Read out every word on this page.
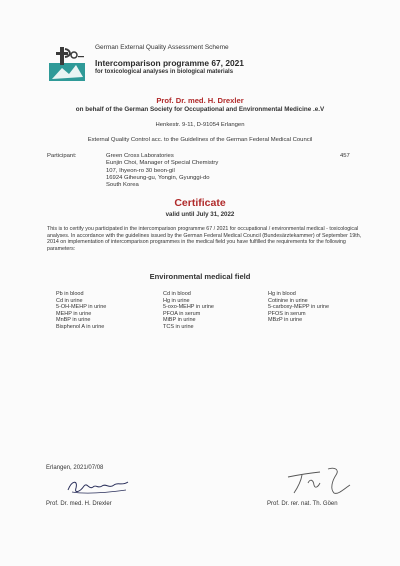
German External Quality Assessment Scheme
Intercomparison programme 67, 2021
for toxicological analyses in biological materials
Prof. Dr. med. H. Drexler
on behalf of the German Society for Occupational and Environmental Medicine .e.V
Henkestr. 9-11, D-91054 Erlangen
External Quality Control acc. to the Guidelines of the German Federal Medical Council
Participant:	Green Cross Laboratories
Eunjin Choi, Manager of Special Chemistry
107, Ihyeon-ro 30 beon-gil
16924 Giheung-gu, Yongin, Gyunggi-do
South Korea
457
Certificate
valid until July 31, 2022
This is to certify you participated in the intercomparison programme 67 / 2021 for occupational / environmental medical - toxicological analyses. In accordance with the guidelines issued by the German Federal Medical Council (Bundesärztekammer) of September 19th, 2014 on implementation of intercomparison programmes in the medical field you have fulfilled the requirements for the following parameters:
Environmental medical field
Pb in blood
Cd in urine
5-OH-MEHP in urine
MEHP in urine
MnBP in urine
Bisphenol A in urine
Cd in blood
Hg in urine
5-oxo-MEHP in urine
PFOA in serum
MiBP in urine
TCS in urine
Hg in blood
Cotinine in urine
5-carboxy-MEPP in urine
PFOS in serum
MBzP in urine
Erlangen, 2021/07/08
Prof. Dr. med. H. Drexler	Prof. Dr. rer. nat. Th. Göen
